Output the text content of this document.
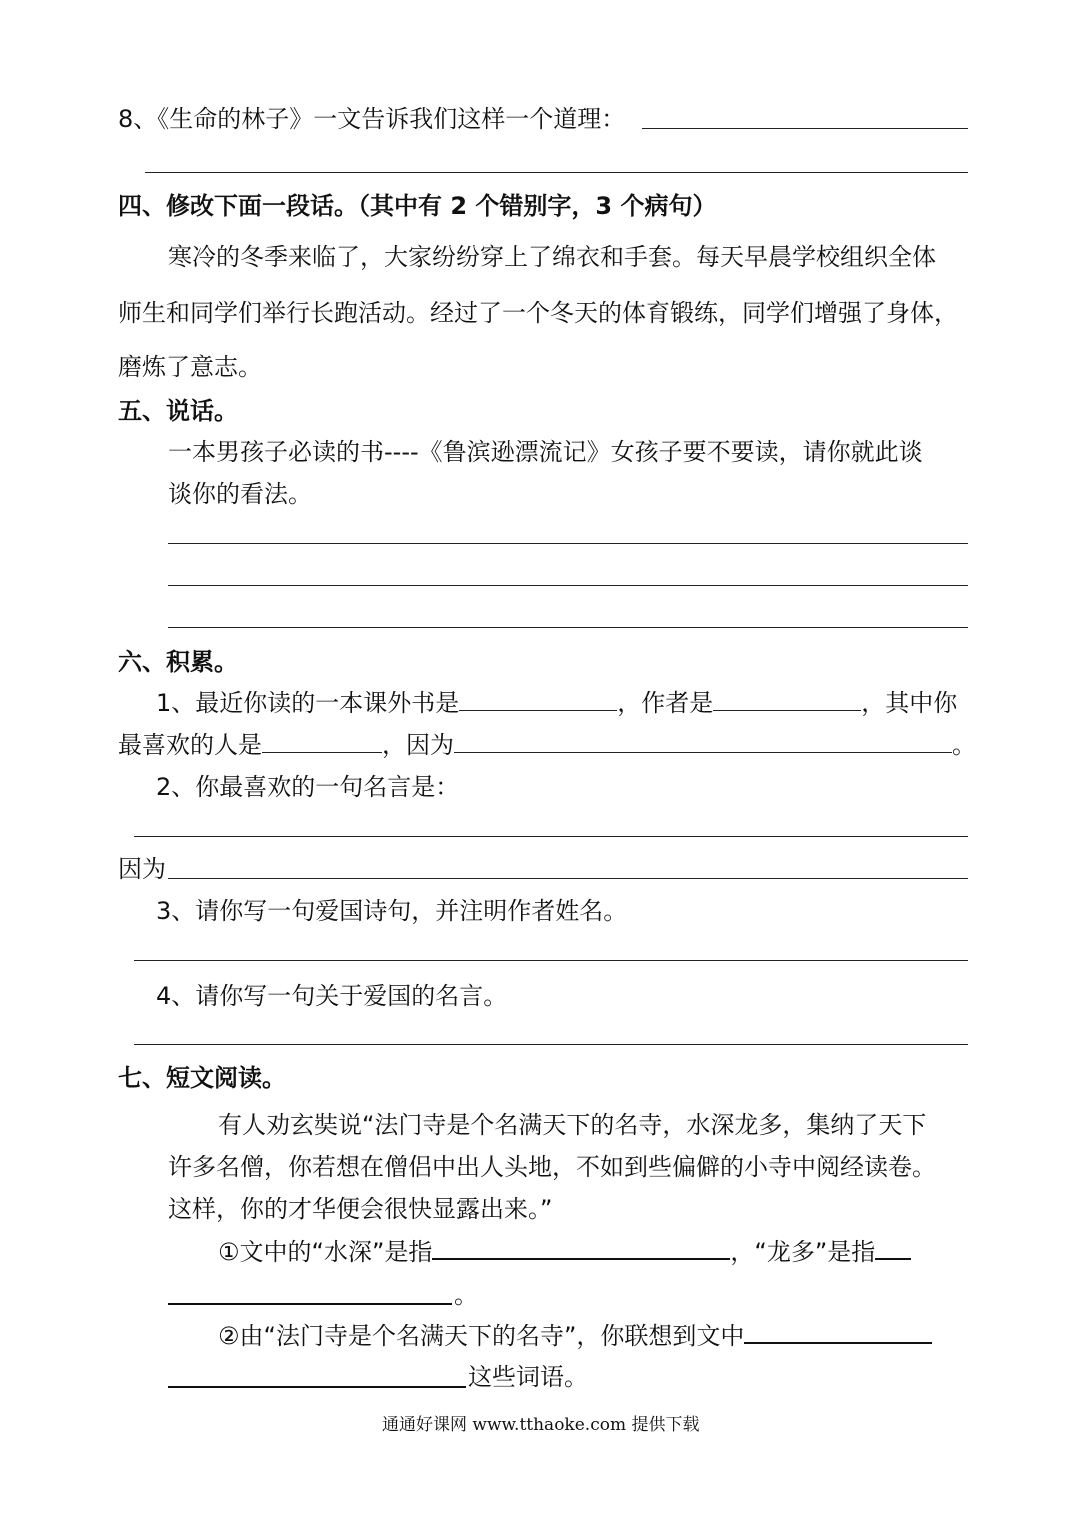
8、《生命的林子》一文告诉我们这样一个道理：
四、修改下面一段话。（其中有 2 个错别字，3 个病句）
寒冷的冬季来临了，大家纷纷穿上了绵衣和手套。每天早晨学校组织全体
师生和同学们举行长跑活动。经过了一个冬天的体育锻练，同学们增强了身体，
磨炼了意志。
五、说话。
一本男孩子必读的书----《鲁滨逊漂流记》女孩子要不要读，请你就此谈
谈你的看法。
六、积累。
1、最近你读的一本课外书是	，作者是	，其中你
最喜欢的人是	，因为	。
2、你最喜欢的一句名言是：
因为
3、请你写一句爱国诗句，并注明作者姓名。
4、请你写一句关于爱国的名言。
七、短文阅读。
有人劝玄奘说“法门寺是个名满天下的名寺，水深龙多，集纳了天下
许多名僧，你若想在僧侣中出人头地，不如到些偏僻的小寺中阅经读卷。
这样，你的才华便会很快显露出来。”
①文中的“水深”是指	，“龙多”是指
。
②由“法门寺是个名满天下的名寺”，你联想到文中
这些词语。
通通好课网 www.tthaoke.com 提供下载
